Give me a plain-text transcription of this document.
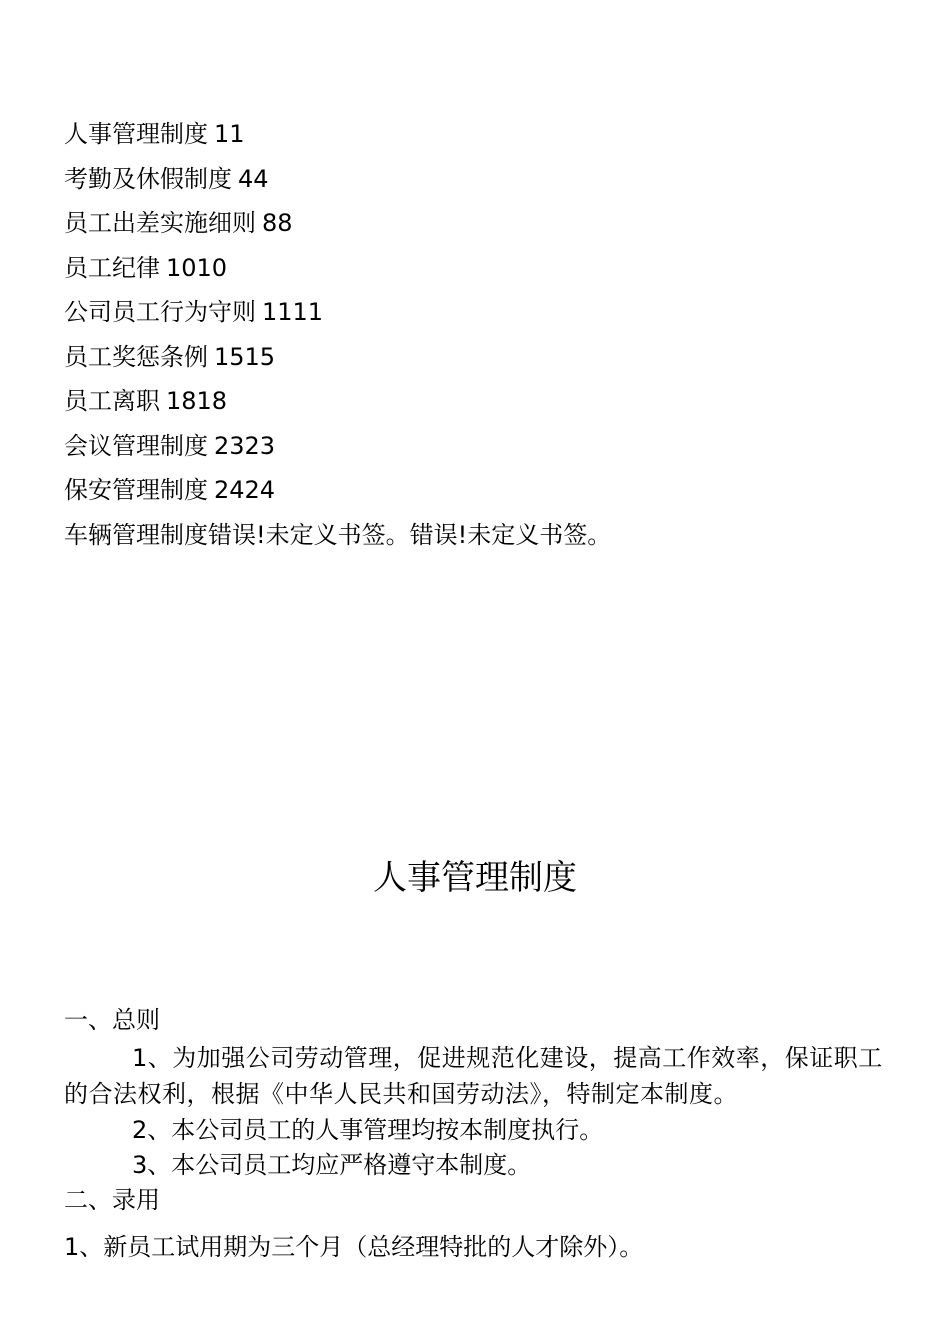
人事管理制度 11
考勤及休假制度 44
员工出差实施细则 88
员工纪律 1010
公司员工行为守则 1111
员工奖惩条例 1515
员工离职 1818
会议管理制度 2323
保安管理制度 2424
车辆管理制度错误!未定义书签。错误!未定义书签。
人事管理制度
一、总则
1、为加强公司劳动管理，促进规范化建设，提高工作效率，保证职工的合法权利，根据《中华人民共和国劳动法》，特制定本制度。
2、本公司员工的人事管理均按本制度执行。
3、本公司员工均应严格遵守本制度。
二、录用
1、新员工试用期为三个月（总经理特批的人才除外）。
